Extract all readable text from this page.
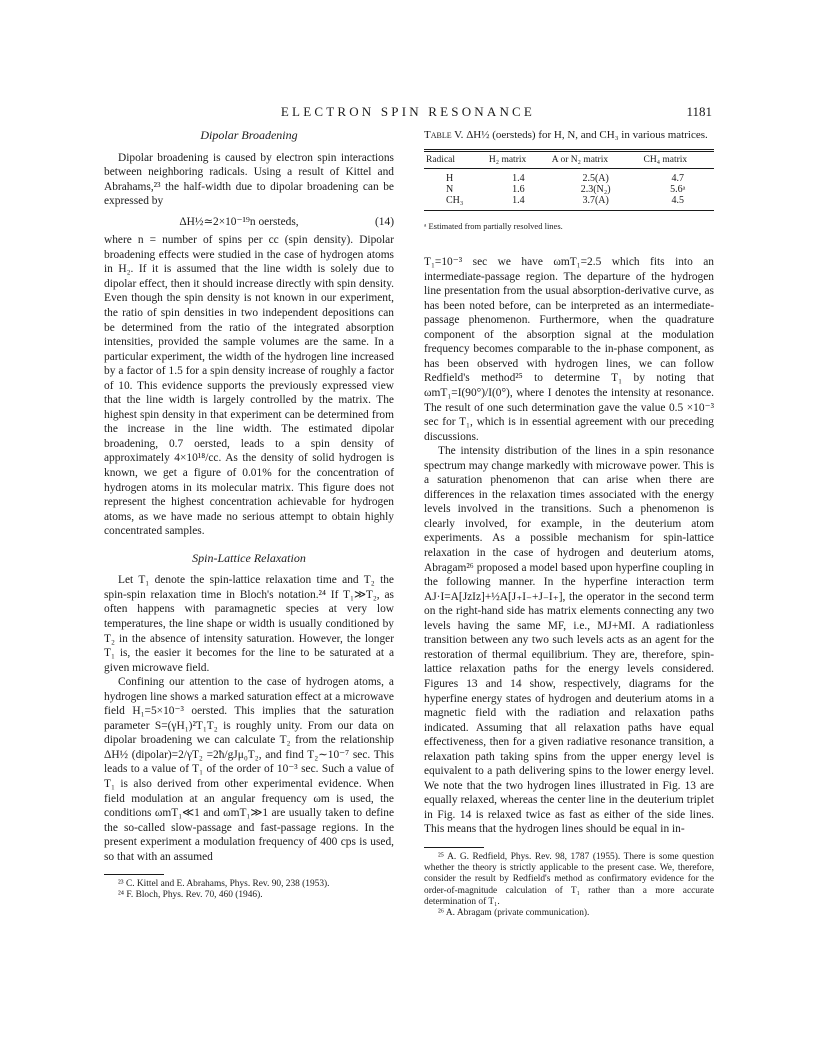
ELECTRON SPIN RESONANCE	1181
Dipolar Broadening

Dipolar broadening is caused by electron spin interactions between neighboring radicals. Using a result of Kittel and Abrahams,²³ the half-width due to dipolar broadening can be expressed by

ΔH½≃2×10⁻¹⁹n oersteds,	(14)

where n = number of spins per cc (spin density). Dipolar broadening effects were studied in the case of hydrogen atoms in H₂. If it is assumed that the line width is solely due to dipolar effect, then it should increase directly with spin density. Even though the spin density is not known in our experiment, the ratio of spin densities in two independent depositions can be determined from the ratio of the integrated absorption intensities, provided the sample volumes are the same. In a particular experiment, the width of the hydrogen line increased by a factor of 1.5 for a spin density increase of roughly a factor of 10. This evidence supports the previously expressed view that the line width is largely controlled by the matrix. The highest spin density in that experiment can be determined from the increase in the line width. The estimated dipolar broadening, 0.7 oersted, leads to a spin density of approximately 4×10¹⁸/cc. As the density of solid hydrogen is known, we get a figure of 0.01% for the concentration of hydrogen atoms in its molecular matrix. This figure does not represent the highest concentration achievable for hydrogen atoms, as we have made no serious attempt to obtain highly concentrated samples.

Spin-Lattice Relaxation

Let T₁ denote the spin-lattice relaxation time and T₂ the spin-spin relaxation time in Bloch's notation.²⁴ If T₁≫T₂, as often happens with paramagnetic species at very low temperatures, the line shape or width is usually conditioned by T₂ in the absence of intensity saturation. However, the longer T₁ is, the easier it becomes for the line to be saturated at a given microwave field.

Confining our attention to the case of hydrogen atoms, a hydrogen line shows a marked saturation effect at a microwave field H₁=5×10⁻³ oersted. This implies that the saturation parameter S=(γH₁)²T₁T₂ is roughly unity. From our data on dipolar broadening we can calculate T₂ from the relationship ΔH½ (dipolar)=2/γT₂ =2ħ/gJμ₀T₂, and find T₂∼10⁻⁷ sec. This leads to a value of T₁ of the order of 10⁻³ sec. Such a value of T₁ is also derived from other experimental evidence. When field modulation at an angular frequency ωm is used, the conditions ωmT₁≪1 and ωmT₁≫1 are usually taken to define the so-called slow-passage and fast-passage regions. In the present experiment a modulation frequency of 400 cps is used, so that with an assumed

²³ C. Kittel and E. Abrahams, Phys. Rev. 90, 238 (1953).

²⁴ F. Bloch, Phys. Rev. 70, 460 (1946).

Table V. ΔH½ (oersteds) for H, N, and CH₃ in various matrices.
Radical	H₂ matrix	A or N₂ matrix	CH₄ matrix
H	1.4	2.5(A)	4.7
N	1.6	2.3(N₂)	5.6ᵃ
CH₃	1.4	3.7(A)	4.5
ᵃ Estimated from partially resolved lines.

T₁=10⁻³ sec we have ωmT₁=2.5 which fits into an intermediate-passage region. The departure of the hydrogen line presentation from the usual absorption-derivative curve, as has been noted before, can be interpreted as an intermediate-passage phenomenon. Furthermore, when the quadrature component of the absorption signal at the modulation frequency becomes comparable to the in-phase component, as has been observed with hydrogen lines, we can follow Redfield's method²⁵ to determine T₁ by noting that ωmT₁=I(90°)/I(0°), where I denotes the intensity at resonance. The result of one such determination gave the value 0.5 ×10⁻³ sec for T₁, which is in essential agreement with our preceding discussions.

The intensity distribution of the lines in a spin resonance spectrum may change markedly with microwave power. This is a saturation phenomenon that can arise when there are differences in the relaxation times associated with the energy levels involved in the transitions. Such a phenomenon is clearly involved, for example, in the deuterium atom experiments. As a possible mechanism for spin-lattice relaxation in the case of hydrogen and deuterium atoms, Abragam²⁶ proposed a model based upon hyperfine coupling in the following manner. In the hyperfine interaction term AJ·I=A[JzIz]+½A[J₊I₋+J₋I₊], the operator in the second term on the right-hand side has matrix elements connecting any two levels having the same MF, i.e., MJ+MI. A radiationless transition between any two such levels acts as an agent for the restoration of thermal equilibrium. They are, therefore, spin-lattice relaxation paths for the energy levels considered. Figures 13 and 14 show, respectively, diagrams for the hyperfine energy states of hydrogen and deuterium atoms in a magnetic field with the radiation and relaxation paths indicated. Assuming that all relaxation paths have equal effectiveness, then for a given radiative resonance transition, a relaxation path taking spins from the upper energy level is equivalent to a path delivering spins to the lower energy level. We note that the two hydrogen lines illustrated in Fig. 13 are equally relaxed, whereas the center line in the deuterium triplet in Fig. 14 is relaxed twice as fast as either of the side lines. This means that the hydrogen lines should be equal in in-

²⁵ A. G. Redfield, Phys. Rev. 98, 1787 (1955). There is some question whether the theory is strictly applicable to the present case. We, therefore, consider the result by Redfield's method as confirmatory evidence for the order-of-magnitude calculation of T₁ rather than a more accurate determination of T₁.

²⁶ A. Abragam (private communication).
